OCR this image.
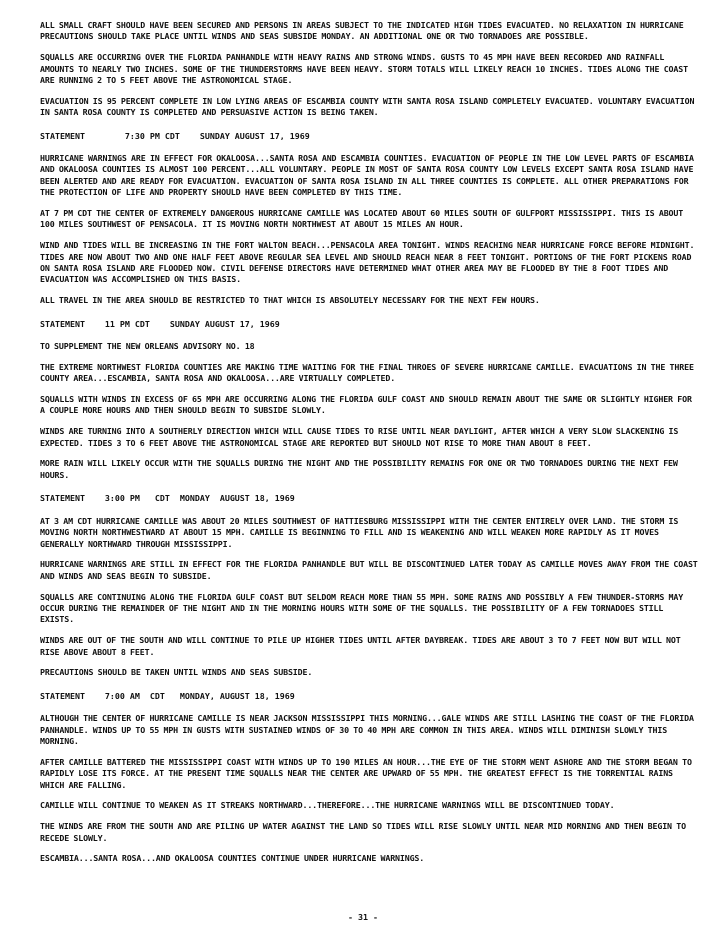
ALL SMALL CRAFT SHOULD HAVE BEEN SECURED AND PERSONS IN AREAS SUBJECT TO THE INDICATED HIGH TIDES EVACUATED. NO RELAXATION IN HURRICANE PRECAUTIONS SHOULD TAKE PLACE UNTIL WINDS AND SEAS SUBSIDE MONDAY. AN ADDITIONAL ONE OR TWO TORNADOES ARE POSSIBLE.

SQUALLS ARE OCCURRING OVER THE FLORIDA PANHANDLE WITH HEAVY RAINS AND STRONG WINDS. GUSTS TO 45 MPH HAVE BEEN RECORDED AND RAINFALL AMOUNTS TO NEARLY TWO INCHES. SOME OF THE THUNDERSTORMS HAVE BEEN HEAVY. STORM TOTALS WILL LIKELY REACH 10 INCHES. TIDES ALONG THE COAST ARE RUNNING 2 TO 5 FEET ABOVE THE ASTRONOMICAL STAGE.

EVACUATION IS 95 PERCENT COMPLETE IN LOW LYING AREAS OF ESCAMBIA COUNTY WITH SANTA ROSA ISLAND COMPLETELY EVACUATED. VOLUNTARY EVACUATION IN SANTA ROSA COUNTY IS COMPLETED AND PERSUASIVE ACTION IS BEING TAKEN.

STATEMENT        7:30 PM CDT    SUNDAY AUGUST 17, 1969

HURRICANE WARNINGS ARE IN EFFECT FOR OKALOOSA...SANTA ROSA AND ESCAMBIA COUNTIES. EVACUATION OF PEOPLE IN THE LOW LEVEL PARTS OF ESCAMBIA AND OKALOOSA COUNTIES IS ALMOST 100 PERCENT...ALL VOLUNTARY. PEOPLE IN MOST OF SANTA ROSA COUNTY LOW LEVELS EXCEPT SANTA ROSA ISLAND HAVE BEEN ALERTED AND ARE READY FOR EVACUATION. EVACUATION OF SANTA ROSA ISLAND IN ALL THREE COUNTIES IS COMPLETE. ALL OTHER PREPARATIONS FOR THE PROTECTION OF LIFE AND PROPERTY SHOULD HAVE BEEN COMPLETED BY THIS TIME.

AT 7 PM CDT THE CENTER OF EXTREMELY DANGEROUS HURRICANE CAMILLE WAS LOCATED ABOUT 60 MILES SOUTH OF GULFPORT MISSISSIPPI. THIS IS ABOUT 100 MILES SOUTHWEST OF PENSACOLA. IT IS MOVING NORTH NORTHWEST AT ABOUT 15 MILES AN HOUR.

WIND AND TIDES WILL BE INCREASING IN THE FORT WALTON BEACH...PENSACOLA AREA TONIGHT. WINDS REACHING NEAR HURRICANE FORCE BEFORE MIDNIGHT. TIDES ARE NOW ABOUT TWO AND ONE HALF FEET ABOVE REGULAR SEA LEVEL AND SHOULD REACH NEAR 8 FEET TONIGHT. PORTIONS OF THE FORT PICKENS ROAD ON SANTA ROSA ISLAND ARE FLOODED NOW. CIVIL DEFENSE DIRECTORS HAVE DETERMINED WHAT OTHER AREA MAY BE FLOODED BY THE 8 FOOT TIDES AND EVACUATION WAS ACCOMPLISHED ON THIS BASIS.

ALL TRAVEL IN THE AREA SHOULD BE RESTRICTED TO THAT WHICH IS ABSOLUTELY NECESSARY FOR THE NEXT FEW HOURS.

STATEMENT    11 PM CDT    SUNDAY AUGUST 17, 1969

TO SUPPLEMENT THE NEW ORLEANS ADVISORY NO. 18

THE EXTREME NORTHWEST FLORIDA COUNTIES ARE MAKING TIME WAITING FOR THE FINAL THROES OF SEVERE HURRICANE CAMILLE. EVACUATIONS IN THE THREE COUNTY AREA...ESCAMBIA, SANTA ROSA AND OKALOOSA...ARE VIRTUALLY COMPLETED.

SQUALLS WITH WINDS IN EXCESS OF 65 MPH ARE OCCURRING ALONG THE FLORIDA GULF COAST AND SHOULD REMAIN ABOUT THE SAME OR SLIGHTLY HIGHER FOR A COUPLE MORE HOURS AND THEN SHOULD BEGIN TO SUBSIDE SLOWLY.

WINDS ARE TURNING INTO A SOUTHERLY DIRECTION WHICH WILL CAUSE TIDES TO RISE UNTIL NEAR DAYLIGHT, AFTER WHICH A VERY SLOW SLACKENING IS EXPECTED. TIDES 3 TO 6 FEET ABOVE THE ASTRONOMICAL STAGE ARE REPORTED BUT SHOULD NOT RISE TO MORE THAN ABOUT 8 FEET.

MORE RAIN WILL LIKELY OCCUR WITH THE SQUALLS DURING THE NIGHT AND THE POSSIBILITY REMAINS FOR ONE OR TWO TORNADOES DURING THE NEXT FEW HOURS.

STATEMENT    3:00 PM   CDT  MONDAY  AUGUST 18, 1969

AT 3 AM CDT HURRICANE CAMILLE WAS ABOUT 20 MILES SOUTHWEST OF HATTIESBURG MISSISSIPPI WITH THE CENTER ENTIRELY OVER LAND. THE STORM IS MOVING NORTH NORTHWESTWARD AT ABOUT 15 MPH. CAMILLE IS BEGINNING TO FILL AND IS WEAKENING AND WILL WEAKEN MORE RAPIDLY AS IT MOVES GENERALLY NORTHWARD THROUGH MISSISSIPPI.

HURRICANE WARNINGS ARE STILL IN EFFECT FOR THE FLORIDA PANHANDLE BUT WILL BE DISCONTINUED LATER TODAY AS CAMILLE MOVES AWAY FROM THE COAST AND WINDS AND SEAS BEGIN TO SUBSIDE.

SQUALLS ARE CONTINUING ALONG THE FLORIDA GULF COAST BUT SELDOM REACH MORE THAN 55 MPH. SOME RAINS AND POSSIBLY A FEW THUNDER-STORMS MAY OCCUR DURING THE REMAINDER OF THE NIGHT AND IN THE MORNING HOURS WITH SOME OF THE SQUALLS. THE POSSIBILITY OF A FEW TORNADOES STILL EXISTS.

WINDS ARE OUT OF THE SOUTH AND WILL CONTINUE TO PILE UP HIGHER TIDES UNTIL AFTER DAYBREAK. TIDES ARE ABOUT 3 TO 7 FEET NOW BUT WILL NOT RISE ABOVE ABOUT 8 FEET.

PRECAUTIONS SHOULD BE TAKEN UNTIL WINDS AND SEAS SUBSIDE.

STATEMENT    7:00 AM  CDT   MONDAY, AUGUST 18, 1969

ALTHOUGH THE CENTER OF HURRICANE CAMILLE IS NEAR JACKSON MISSISSIPPI THIS MORNING...GALE WINDS ARE STILL LASHING THE COAST OF THE FLORIDA PANHANDLE. WINDS UP TO 55 MPH IN GUSTS WITH SUSTAINED WINDS OF 30 TO 40 MPH ARE COMMON IN THIS AREA. WINDS WILL DIMINISH SLOWLY THIS MORNING.

AFTER CAMILLE BATTERED THE MISSISSIPPI COAST WITH WINDS UP TO 190 MILES AN HOUR...THE EYE OF THE STORM WENT ASHORE AND THE STORM BEGAN TO RAPIDLY LOSE ITS FORCE. AT THE PRESENT TIME SQUALLS NEAR THE CENTER ARE UPWARD OF 55 MPH. THE GREATEST EFFECT IS THE TORRENTIAL RAINS WHICH ARE FALLING.

CAMILLE WILL CONTINUE TO WEAKEN AS IT STREAKS NORTHWARD...THEREFORE...THE HURRICANE WARNINGS WILL BE DISCONTINUED TODAY.

THE WINDS ARE FROM THE SOUTH AND ARE PILING UP WATER AGAINST THE LAND SO TIDES WILL RISE SLOWLY UNTIL NEAR MID MORNING AND THEN BEGIN TO RECEDE SLOWLY.

ESCAMBIA...SANTA ROSA...AND OKALOOSA COUNTIES CONTINUE UNDER HURRICANE WARNINGS.

- 31 -
